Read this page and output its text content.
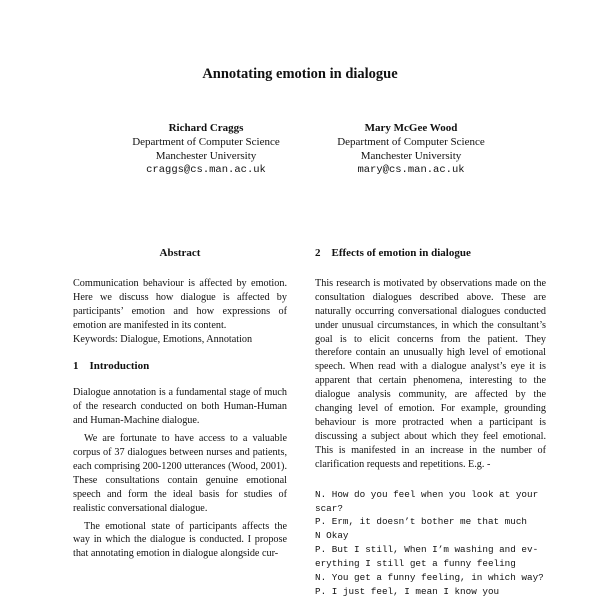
Annotating emotion in dialogue
Richard Craggs
Department of Computer Science
Manchester University
craggs@cs.man.ac.uk
Mary McGee Wood
Department of Computer Science
Manchester University
mary@cs.man.ac.uk
Abstract

Communication behaviour is affected by emotion. Here we discuss how dialogue is affected by participants’ emotion and how expressions of emotion are manifested in its content.

Keywords: Dialogue, Emotions, Annotation

1    Introduction

Dialogue annotation is a fundamental stage of much of the research conducted on both Human-Human and Human-Machine dialogue.

We are fortunate to have access to a valuable corpus of 37 dialogues between nurses and patients, each comprising 200-1200 utterances (Wood, 2001). These consultations contain genuine emotional speech and form the ideal basis for studies of realistic conversational dialogue.

The emotional state of participants affects the way in which the dialogue is conducted. I propose that annotating emotion in dialogue alongside cur-

2    Effects of emotion in dialogue

This research is motivated by observations made on the consultation dialogues described above. These are naturally occurring conversational dialogues conducted under unusual circumstances, in which the consultant’s goal is to elicit concerns from the patient. They therefore contain an unusually high level of emotional speech. When read with a dialogue analyst’s eye it is apparent that certain phenomena, interesting to the dialogue analysis community, are affected by the changing level of emotion. For example, grounding behaviour is more protracted when a participant is discussing a subject about which they feel emotional. This is manifested in an increase in the number of clarification requests and repetitions. E.g. -

N. How do you feel when you look at your
scar?
P. Erm, it doesn’t bother me that much
N Okay
P. But I still, When I’m washing and ev-
erything I still get a funny feeling
N. You get a funny feeling, in which way?
P. I just feel, I mean I know you
